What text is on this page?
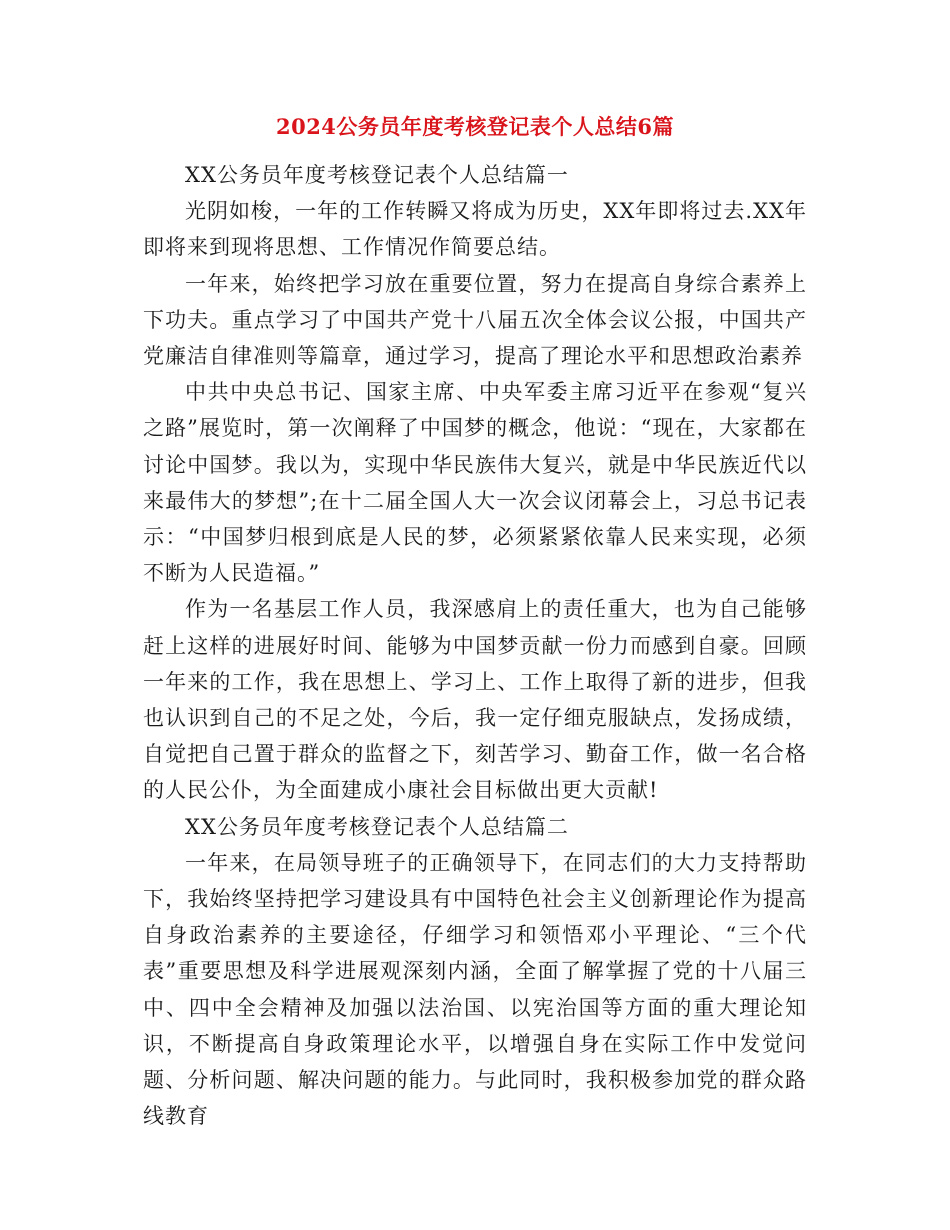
2024公务员年度考核登记表个人总结6篇

XX公务员年度考核登记表个人总结篇一

光阴如梭，一年的工作转瞬又将成为历史，XX年即将过去.XX年即将来到现将思想、工作情况作简要总结。

一年来，始终把学习放在重要位置，努力在提高自身综合素养上下功夫。重点学习了中国共产党十八届五次全体会议公报，中国共产党廉洁自律准则等篇章，通过学习，提高了理论水平和思想政治素养

中共中央总书记、国家主席、中央军委主席习近平在参观“复兴之路”展览时，第一次阐释了中国梦的概念，他说：“现在，大家都在讨论中国梦。我以为，实现中华民族伟大复兴，就是中华民族近代以来最伟大的梦想”;在十二届全国人大一次会议闭幕会上，习总书记表示：“中国梦归根到底是人民的梦，必须紧紧依靠人民来实现，必须不断为人民造福。”

作为一名基层工作人员，我深感肩上的责任重大，也为自己能够赶上这样的进展好时间、能够为中国梦贡献一份力而感到自豪。回顾一年来的工作，我在思想上、学习上、工作上取得了新的进步，但我也认识到自己的不足之处，今后，我一定仔细克服缺点，发扬成绩，自觉把自己置于群众的监督之下，刻苦学习、勤奋工作，做一名合格的人民公仆，为全面建成小康社会目标做出更大贡献!

XX公务员年度考核登记表个人总结篇二

一年来，在局领导班子的正确领导下，在同志们的大力支持帮助下，我始终坚持把学习建设具有中国特色社会主义创新理论作为提高自身政治素养的主要途径，仔细学习和领悟邓小平理论、“三个代表”重要思想及科学进展观深刻内涵，全面了解掌握了党的十八届三中、四中全会精神及加强以法治国、以宪治国等方面的重大理论知识，不断提高自身政策理论水平，以增强自身在实际工作中发觉问题、分析问题、解决问题的能力。与此同时，我积极参加党的群众路线教育
